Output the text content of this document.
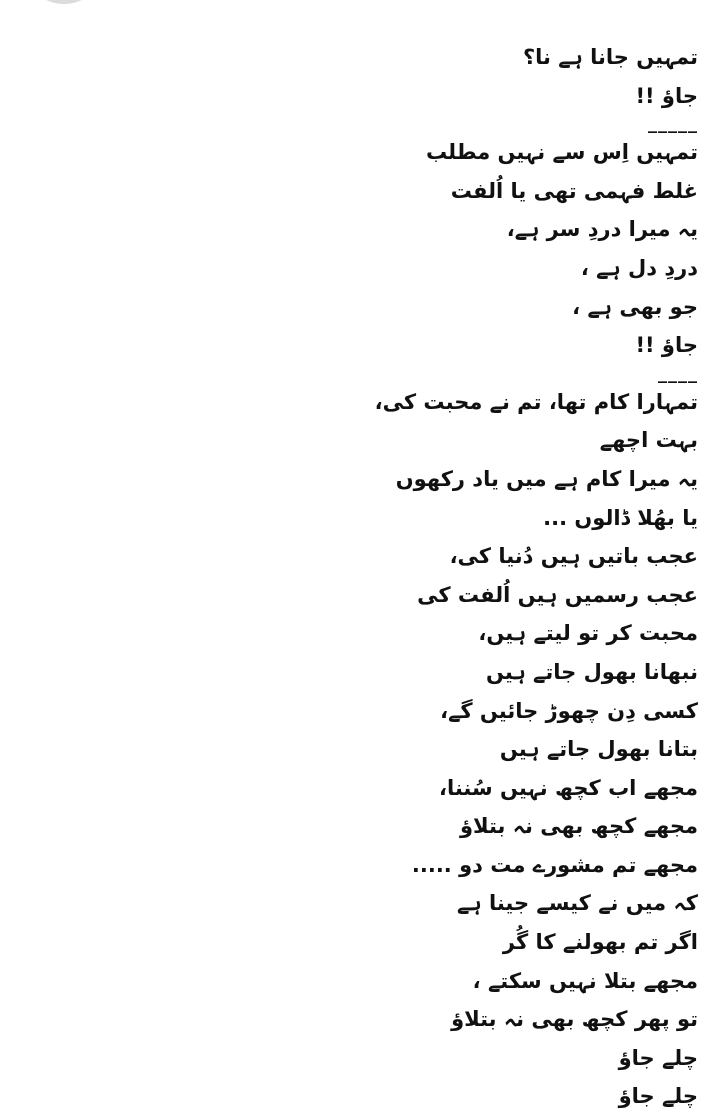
تمہیں جانا ہے نا؟
جاؤ !!
_____
تمہیں اِس سے نہیں مطلب
غلط فہمی تھی یا اُلفت
یہ میرا دردِ سر ہے،
دردِ دل ہے ،
جو بھی ہے ،
جاؤ !!
____
تمہارا کام تھا، تم نے محبت کی،
بہت اچھے
یہ میرا کام ہے میں یاد رکھوں
یا بھُلا ڈالوں ...
عجب باتیں ہیں دُنیا کی،
عجب رسمیں ہیں اُلفت کی
محبت کر تو لیتے ہیں،
نبھانا بھول جاتے ہیں
کسی دِن چھوڑ جائیں گے،
بتانا بھول جاتے ہیں
مجھے اب کچھ نہیں سُننا،
مجھے کچھ بھی نہ بتلاؤ
مجھے تم مشورے مت دو .....
کہ میں نے کیسے جینا ہے
اگر تم بھولنے کا گُر
مجھے بتلا نہیں سکتے ،
تو پھر کچھ بھی نہ بتلاؤ
چلے جاؤ
چلے جاؤ
